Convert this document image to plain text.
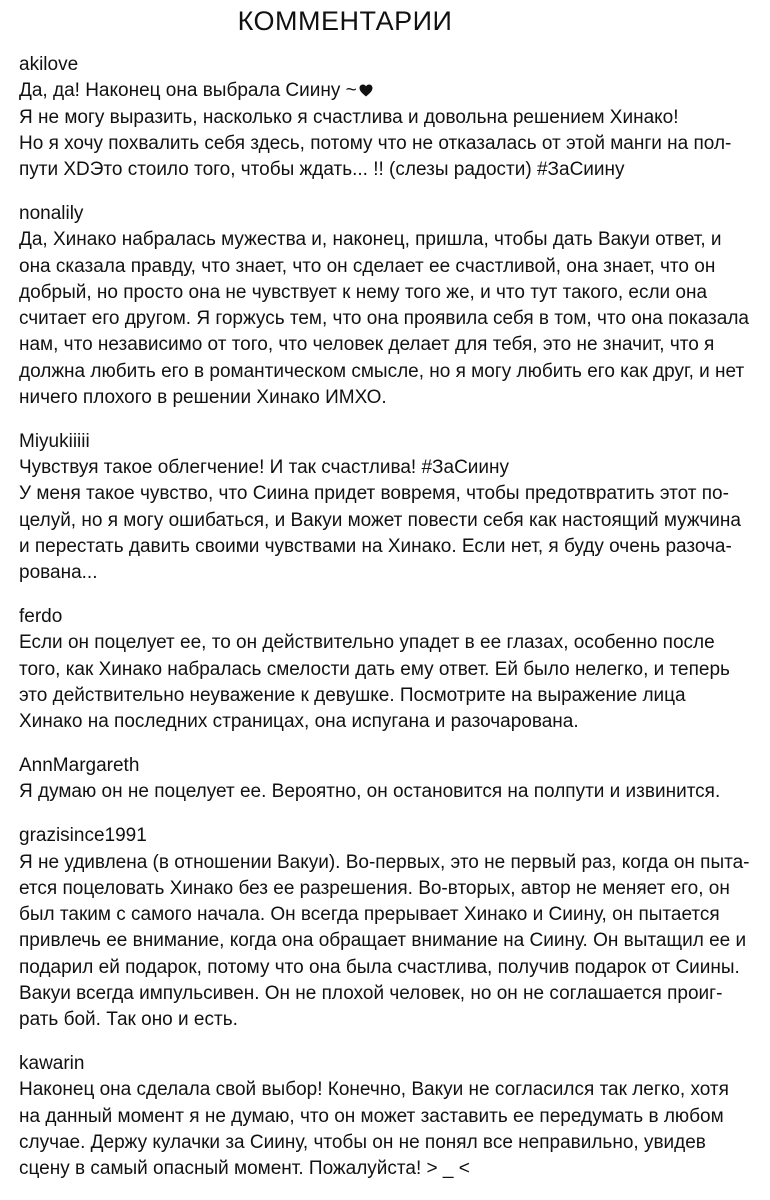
КОММЕНТАРИИ
akilove
Да, да! Наконец она выбрала Сиину ~
Я не могу выразить, насколько я счастлива и довольна решением Хинако!
Но я хочу похвалить себя здесь, потому что не отказалась от этой манги на пол-
пути XDЭто стоило того, чтобы ждать... !! (слезы радости) #ЗаСиину
nonalily
Да, Хинако набралась мужества и, наконец, пришла, чтобы дать Вакуи ответ, и
она сказала правду, что знает, что он сделает ее счастливой, она знает, что он
добрый, но просто она не чувствует к нему того же, и что тут такого, если она
считает его другом. Я горжусь тем, что она проявила себя в том, что она показала
нам, что независимо от того, что человек делает для тебя, это не значит, что я
должна любить его в романтическом смысле, но я могу любить его как друг, и нет
ничего плохого в решении Хинако ИМХО.
Miyukiiiii
Чувствуя такое облегчение! И так счастлива! #ЗаСиину
У меня такое чувство, что Сиина придет вовремя, чтобы предотвратить этот по-
целуй, но я могу ошибаться, и Вакуи может повести себя как настоящий мужчина
и перестать давить своими чувствами на Хинако. Если нет, я буду очень разоча-
рована...
ferdo
Если он поцелует ее, то он действительно упадет в ее глазах, особенно после
того, как Хинако набралась смелости дать ему ответ. Ей было нелегко, и теперь
это действительно неуважение к девушке. Посмотрите на выражение лица
Хинако на последних страницах, она испугана и разочарована.
AnnMargareth
Я думаю он не поцелует ее. Вероятно, он остановится на полпути и извинится.
grazisince1991
Я не удивлена (в отношении Вакуи). Во-первых, это не первый раз, когда он пыта-
ется поцеловать Хинако без ее разрешения. Во-вторых, автор не меняет его, он
был таким с самого начала. Он всегда прерывает Хинако и Сиину, он пытается
привлечь ее внимание, когда она обращает внимание на Сиину. Он вытащил ее и
подарил ей подарок, потому что она была счастлива, получив подарок от Сиины.
Вакуи всегда импульсивен. Он не плохой человек, но он не соглашается проиг-
рать бой. Так оно и есть.
kawarin
Наконец она сделала свой выбор! Конечно, Вакуи не согласился так легко, хотя
на данный момент я не думаю, что он может заставить ее передумать в любом
случае. Держу кулачки за Сиину, чтобы он не понял все неправильно, увидев
сцену в самый опасный момент. Пожалуйста! > _ <
